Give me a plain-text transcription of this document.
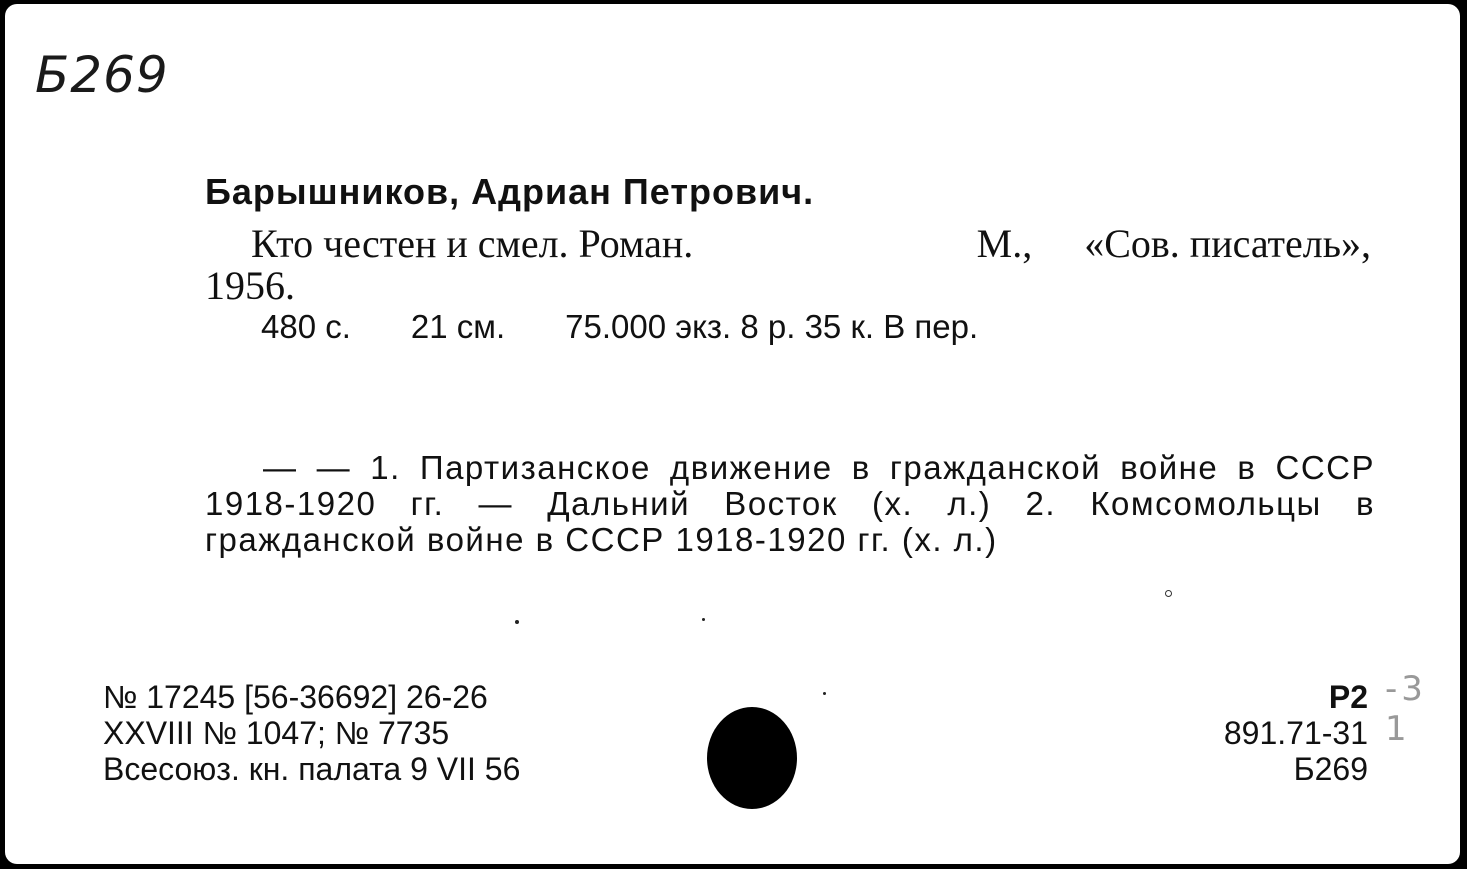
Б269
Барышников, Адриан Петрович.
Кто честен и смел. Роман.	М., «Сов. писатель»,
1956.
480 с. 21 см. 75.000 экз. 8 р. 35 к. В пер.
— — 1. Партизанское движение в гражданской войне в СССР 1918-1920 гг. — Дальний Восток (х. л.) 2. Комсомольцы в гражданской войне в СССР 1918-1920 гг. (х. л.)
№ 17245 [56-36692] 26-26
XXVIII № 1047; № 7735
Всесоюз. кн. палата 9 VII 56
Р2
891.71-31
Б269
-3 1
